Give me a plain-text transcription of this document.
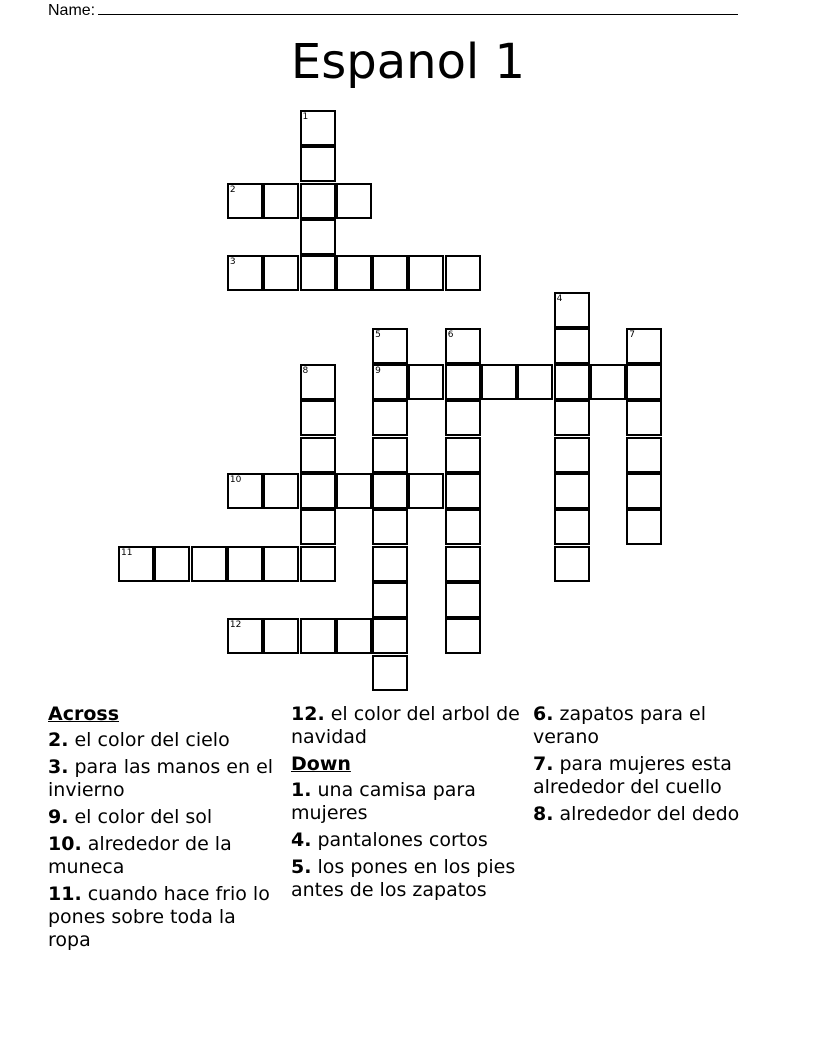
Name:
Espanol 1
1
2
3
4
5	6	7
8	9
10
11
12
Across
2. el color del cielo
3. para las manos en el invierno
9. el color del sol
10. alrededor de la muneca
11. cuando hace frio lo pones sobre toda la ropa
12. el color del arbol de navidad
Down
1. una camisa para mujeres
4. pantalones cortos
5. los pones en los pies antes de los zapatos
6. zapatos para el verano
7. para mujeres esta alrededor del cuello
8. alrededor del dedo
